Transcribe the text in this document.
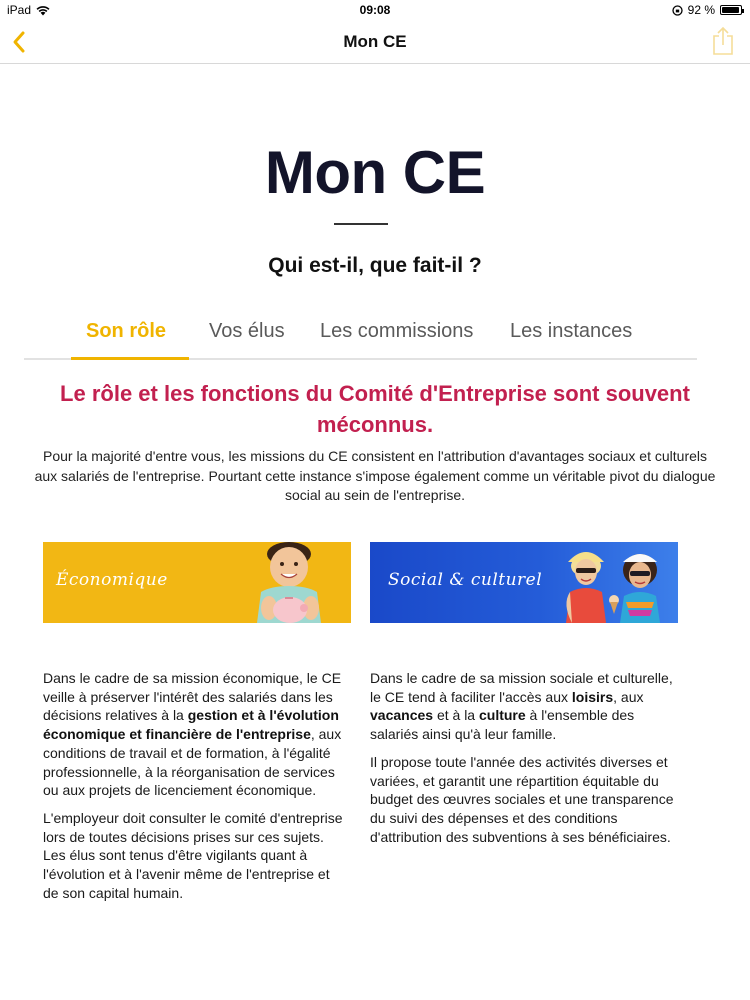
iPad	09:08	92 %
Mon CE
Mon CE
Qui est-il, que fait-il ?
Son rôle Vos élus Les commissions Les instances
Le rôle et les fonctions du Comité d'Entreprise sont souvent méconnus.

Pour la majorité d'entre vous, les missions du CE consistent en l'attribution d'avantages sociaux et culturels aux salariés de l'entreprise. Pourtant cette instance s'impose également comme un véritable pivot du dialogue social au sein de l'entreprise.

Économique	Social & culturel

Dans le cadre de sa mission économique, le CE veille à préserver l'intérêt des salariés dans les décisions relatives à la gestion et à l'évolution économique et financière de l'entreprise, aux conditions de travail et de formation, à l'égalité professionnelle, à la réorganisation de services ou aux projets de licenciement économique.

L'employeur doit consulter le comité d'entreprise lors de toutes décisions prises sur ces sujets. Les élus sont tenus d'être vigilants quant à l'évolution et à l'avenir même de l'entreprise et de son capital humain.

Dans le cadre de sa mission sociale et culturelle, le CE tend à faciliter l'accès aux loisirs, aux vacances et à la culture à l'ensemble des salariés ainsi qu'à leur famille.

Il propose toute l'année des activités diverses et variées, et garantit une répartition équitable du budget des œuvres sociales et une transparence du suivi des dépenses et des conditions d'attribution des subventions à ses bénéficiaires.
